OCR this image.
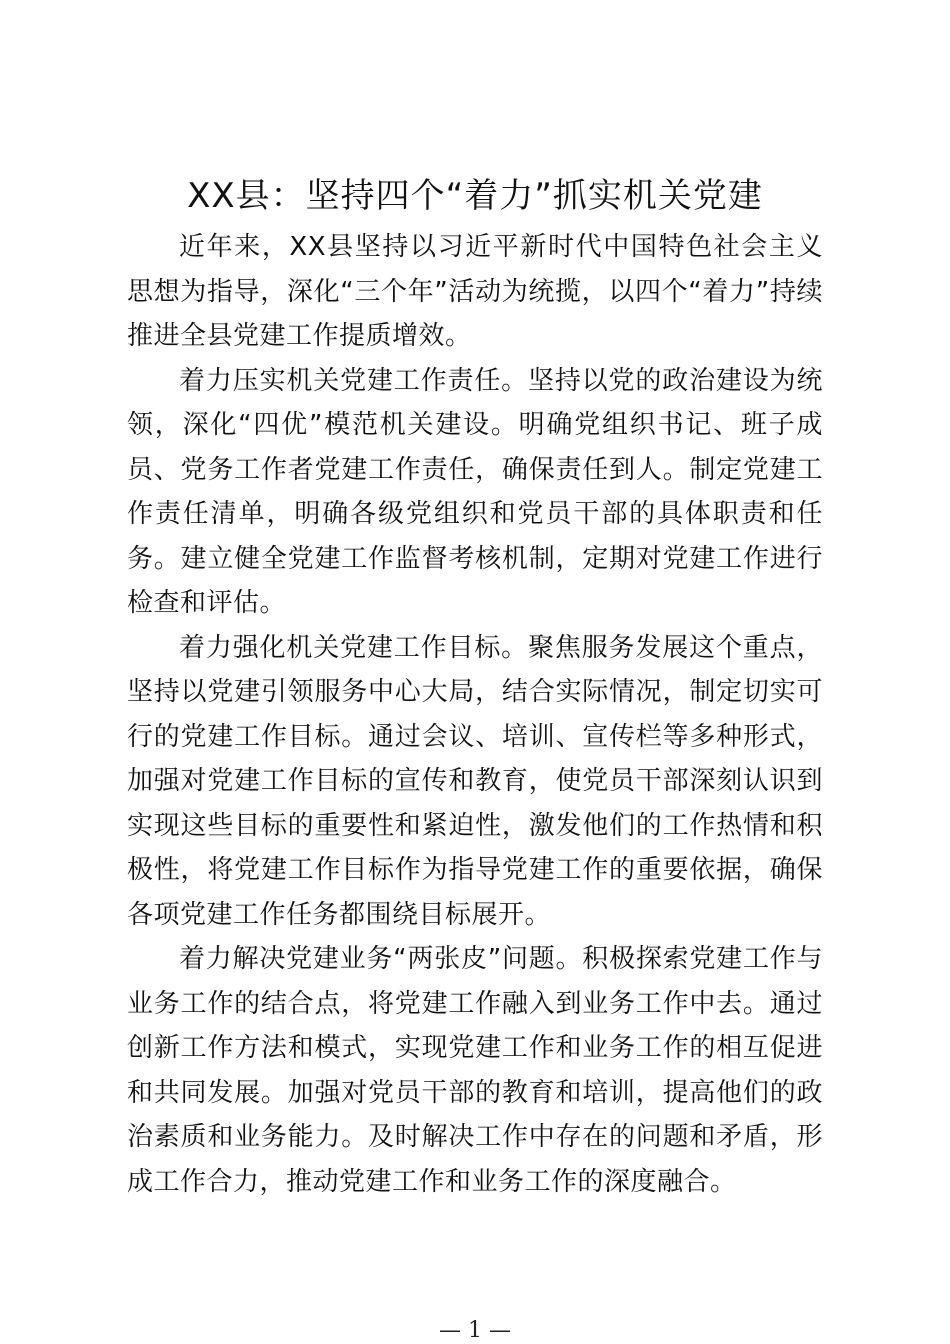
XX县：坚持四个“着力”抓实机关党建

近年来，XX县坚持以习近平新时代中国特色社会主义思想为指导，深化“三个年”活动为统揽，以四个“着力”持续推进全县党建工作提质增效。

着力压实机关党建工作责任。坚持以党的政治建设为统领，深化“四优”模范机关建设。明确党组织书记、班子成员、党务工作者党建工作责任，确保责任到人。制定党建工作责任清单，明确各级党组织和党员干部的具体职责和任务。建立健全党建工作监督考核机制，定期对党建工作进行检查和评估。

着力强化机关党建工作目标。聚焦服务发展这个重点，坚持以党建引领服务中心大局，结合实际情况，制定切实可行的党建工作目标。通过会议、培训、宣传栏等多种形式，加强对党建工作目标的宣传和教育，使党员干部深刻认识到实现这些目标的重要性和紧迫性，激发他们的工作热情和积极性，将党建工作目标作为指导党建工作的重要依据，确保各项党建工作任务都围绕目标展开。

着力解决党建业务“两张皮”问题。积极探索党建工作与业务工作的结合点，将党建工作融入到业务工作中去。通过创新工作方法和模式，实现党建工作和业务工作的相互促进和共同发展。加强对党员干部的教育和培训，提高他们的政治素质和业务能力。及时解决工作中存在的问题和矛盾，形成工作合力，推动党建工作和业务工作的深度融合。

— 1 —
